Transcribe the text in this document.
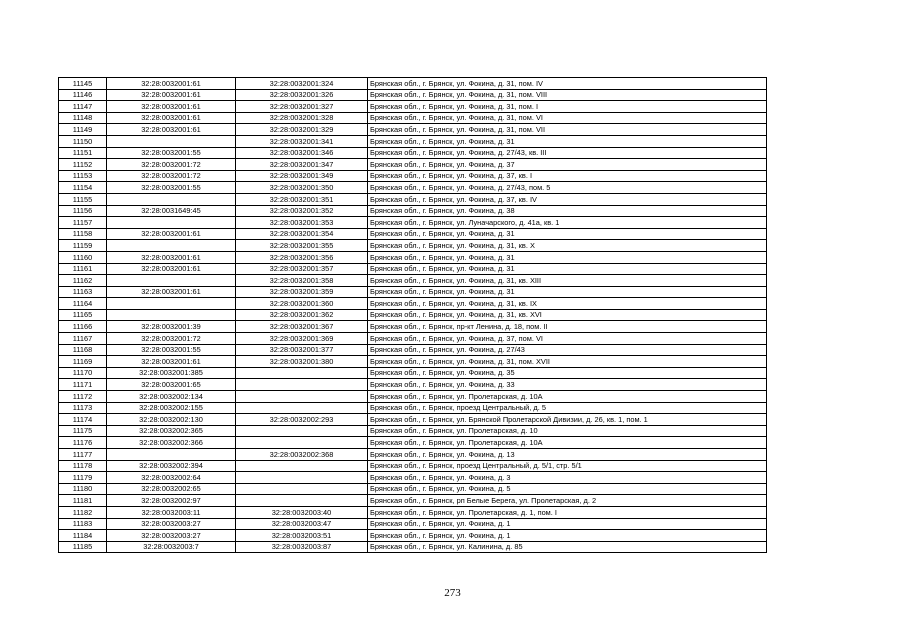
11145	32:28:0032001:61	32:28:0032001:324	Брянская обл., г. Брянск, ул. Фокина, д. 31, пом. IV
11146	32:28:0032001:61	32:28:0032001:326	Брянская обл., г. Брянск, ул. Фокина, д. 31, пом. VIII
11147	32:28:0032001:61	32:28:0032001:327	Брянская обл., г. Брянск, ул. Фокина, д. 31, пом. I
11148	32:28:0032001:61	32:28:0032001:328	Брянская обл., г. Брянск, ул. Фокина, д. 31, пом. VI
11149	32:28:0032001:61	32:28:0032001:329	Брянская обл., г. Брянск, ул. Фокина, д. 31, пом. VII
11150		32:28:0032001:341	Брянская обл., г. Брянск, ул. Фокина, д. 31
11151	32:28:0032001:55	32:28:0032001:346	Брянская обл., г. Брянск, ул. Фокина, д. 27/43, кв. III
11152	32:28:0032001:72	32:28:0032001:347	Брянская обл., г. Брянск, ул. Фокина, д. 37
11153	32:28:0032001:72	32:28:0032001:349	Брянская обл., г. Брянск, ул. Фокина, д. 37, кв. I
11154	32:28:0032001:55	32:28:0032001:350	Брянская обл., г. Брянск, ул. Фокина, д. 27/43, пом. 5
11155		32:28:0032001:351	Брянская обл., г. Брянск, ул. Фокина, д. 37, кв. IV
11156	32:28:0031649:45	32:28:0032001:352	Брянская обл., г. Брянск, ул. Фокина, д. 38
11157		32:28:0032001:353	Брянская обл., г. Брянск, ул. Луначарского, д. 41а, кв. 1
11158	32:28:0032001:61	32:28:0032001:354	Брянская обл., г. Брянск, ул. Фокина, д. 31
11159		32:28:0032001:355	Брянская обл., г. Брянск, ул. Фокина, д. 31, кв. X
11160	32:28:0032001:61	32:28:0032001:356	Брянская обл., г. Брянск, ул. Фокина, д. 31
11161	32:28:0032001:61	32:28:0032001:357	Брянская обл., г. Брянск, ул. Фокина, д. 31
11162		32:28:0032001:358	Брянская обл., г. Брянск, ул. Фокина, д. 31, кв. XIII
11163	32:28:0032001:61	32:28:0032001:359	Брянская обл., г. Брянск, ул. Фокина, д. 31
11164		32:28:0032001:360	Брянская обл., г. Брянск, ул. Фокина, д. 31, кв. IX
11165		32:28:0032001:362	Брянская обл., г. Брянск, ул. Фокина, д. 31, кв. XVI
11166	32:28:0032001:39	32:28:0032001:367	Брянская обл., г. Брянск, пр-кт Ленина, д. 18, пом. II
11167	32:28:0032001:72	32:28:0032001:369	Брянская обл., г. Брянск, ул. Фокина, д. 37, пом. VI
11168	32:28:0032001:55	32:28:0032001:377	Брянская обл., г. Брянск, ул. Фокина, д. 27/43
11169	32:28:0032001:61	32:28:0032001:380	Брянская обл., г. Брянск, ул. Фокина, д. 31, пом. XVII
11170	32:28:0032001:385		Брянская обл., г. Брянск, ул. Фокина, д. 35
11171	32:28:0032001:65		Брянская обл., г. Брянск, ул. Фокина, д. 33
11172	32:28:0032002:134		Брянская обл., г. Брянск, ул. Пролетарская, д. 10А
11173	32:28:0032002:155		Брянская обл., г. Брянск, проезд Центральный, д. 5
11174	32:28:0032002:130	32:28:0032002:293	Брянская обл., г. Брянск, ул. Брянской Пролетарской Дивизии, д. 26, кв. 1, пом. 1
11175	32:28:0032002:365		Брянская обл., г. Брянск, ул. Пролетарская, д. 10
11176	32:28:0032002:366		Брянская обл., г. Брянск, ул. Пролетарская, д. 10А
11177		32:28:0032002:368	Брянская обл., г. Брянск, ул. Фокина, д. 13
11178	32:28:0032002:394		Брянская обл., г. Брянск, проезд Центральный, д. 5/1, стр. 5/1
11179	32:28:0032002:64		Брянская обл., г. Брянск, ул. Фокина, д. 3
11180	32:28:0032002:65		Брянская обл., г. Брянск, ул. Фокина, д. 5
11181	32:28:0032002:97		Брянская обл., г. Брянск, рп Белые Берега, ул. Пролетарская, д. 2
11182	32:28:0032003:11	32:28:0032003:40	Брянская обл., г. Брянск, ул. Пролетарская, д. 1, пом. I
11183	32:28:0032003:27	32:28:0032003:47	Брянская обл., г. Брянск, ул. Фокина, д. 1
11184	32:28:0032003:27	32:28:0032003:51	Брянская обл., г. Брянск, ул. Фокина, д. 1
11185	32:28:0032003:7	32:28:0032003:87	Брянская обл., г. Брянск, ул. Калинина, д. 85
273
